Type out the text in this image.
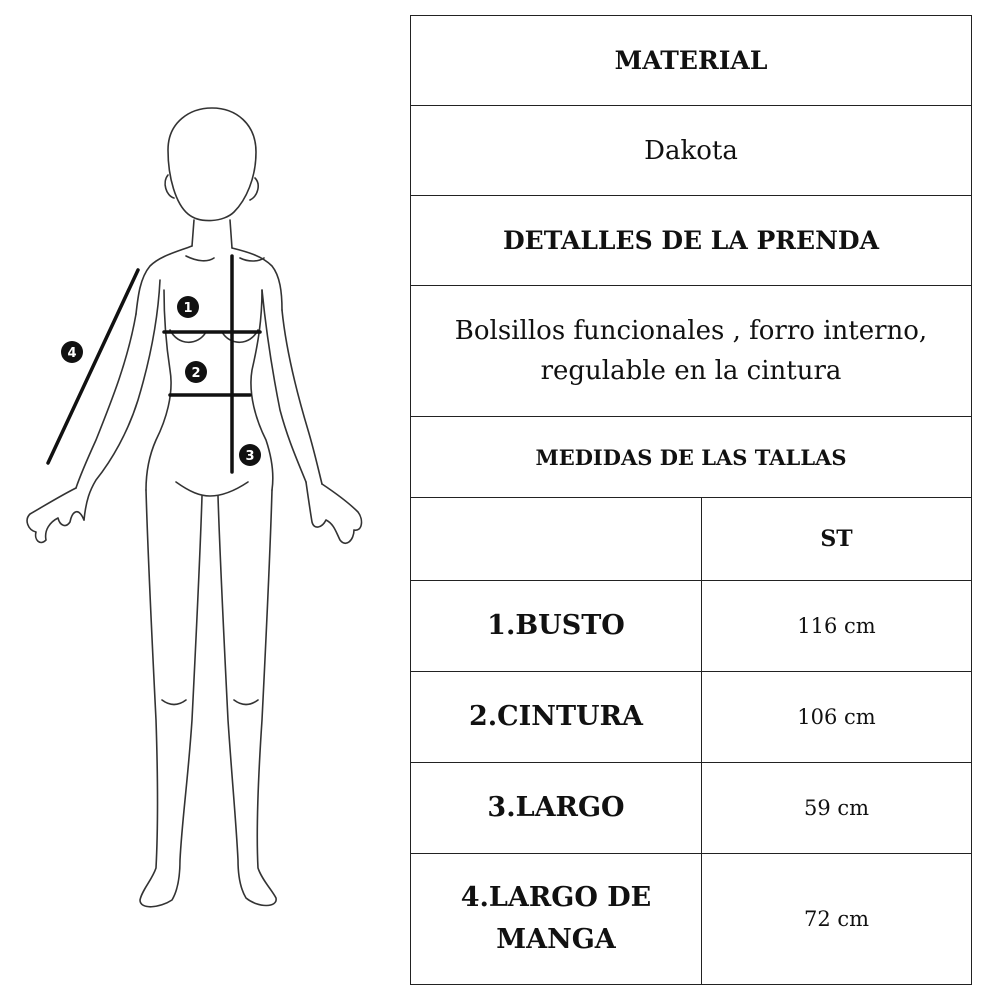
1
2
3
4
MATERIAL	
Dakota	
DETALLES DE LA PRENDA	
Bolsillos funcionales , forro interno, regulable en la cintura	
MEDIDAS DE LAS TALLAS	
	ST
1.BUSTO	116 cm
2.CINTURA	106 cm
3.LARGO	59 cm
4.LARGO DE MANGA	72 cm
